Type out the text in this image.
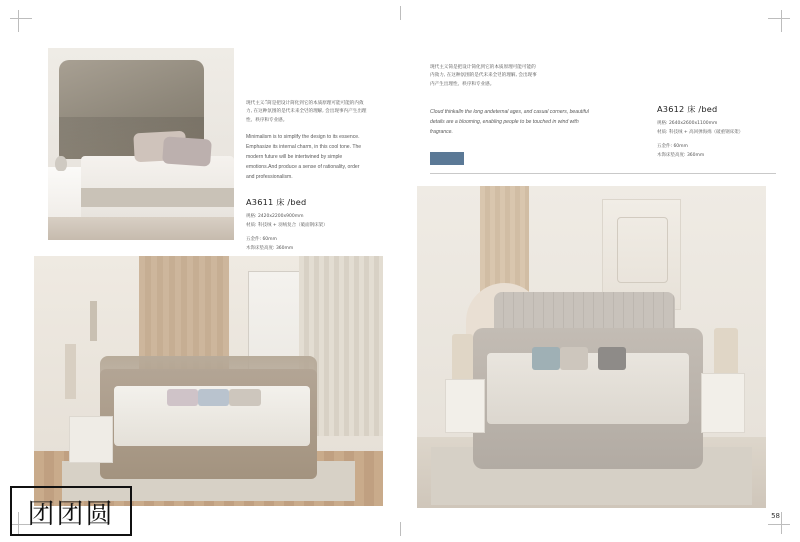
现代主义ँ简是把设计简化到它的本质原理可能可能的内敛力, 在这种氛围的是代未来全던的理解, 会出现事内产生出理性、秩序和专业感。
Minimalism is to simplify the design to its essence. Emphasize its internal charm, in this cool tone. The modern future will be intertwined by simple emotions.And produce a sense of rationality, order and professionalism.
A3611 床 /bed
规格: 2420x2200x900mm
材质: 科技绒 + 羽绒复合（破面钢床架）
五金件: 60mm
木饰床垫高度: 360mm
团团圆
现代主义简是把设计简化到它的本质原理可能可能的内敛力, 在这种氛围的是代未来全던的理解, 会出现事内产生出理性、秩序和专业感。
Cloud thinkalln the long andeternal ages, and casual corners, beautiful details are a blooming, enabling people to be touched in wind with fragrance.
A3612 床 /bed
规格: 2640x2600x1100mm
材质: 科技绒 + 高回弹海绵（破重钢床架）
五金件: 60mm
木饰床垫高度: 360mm
58
